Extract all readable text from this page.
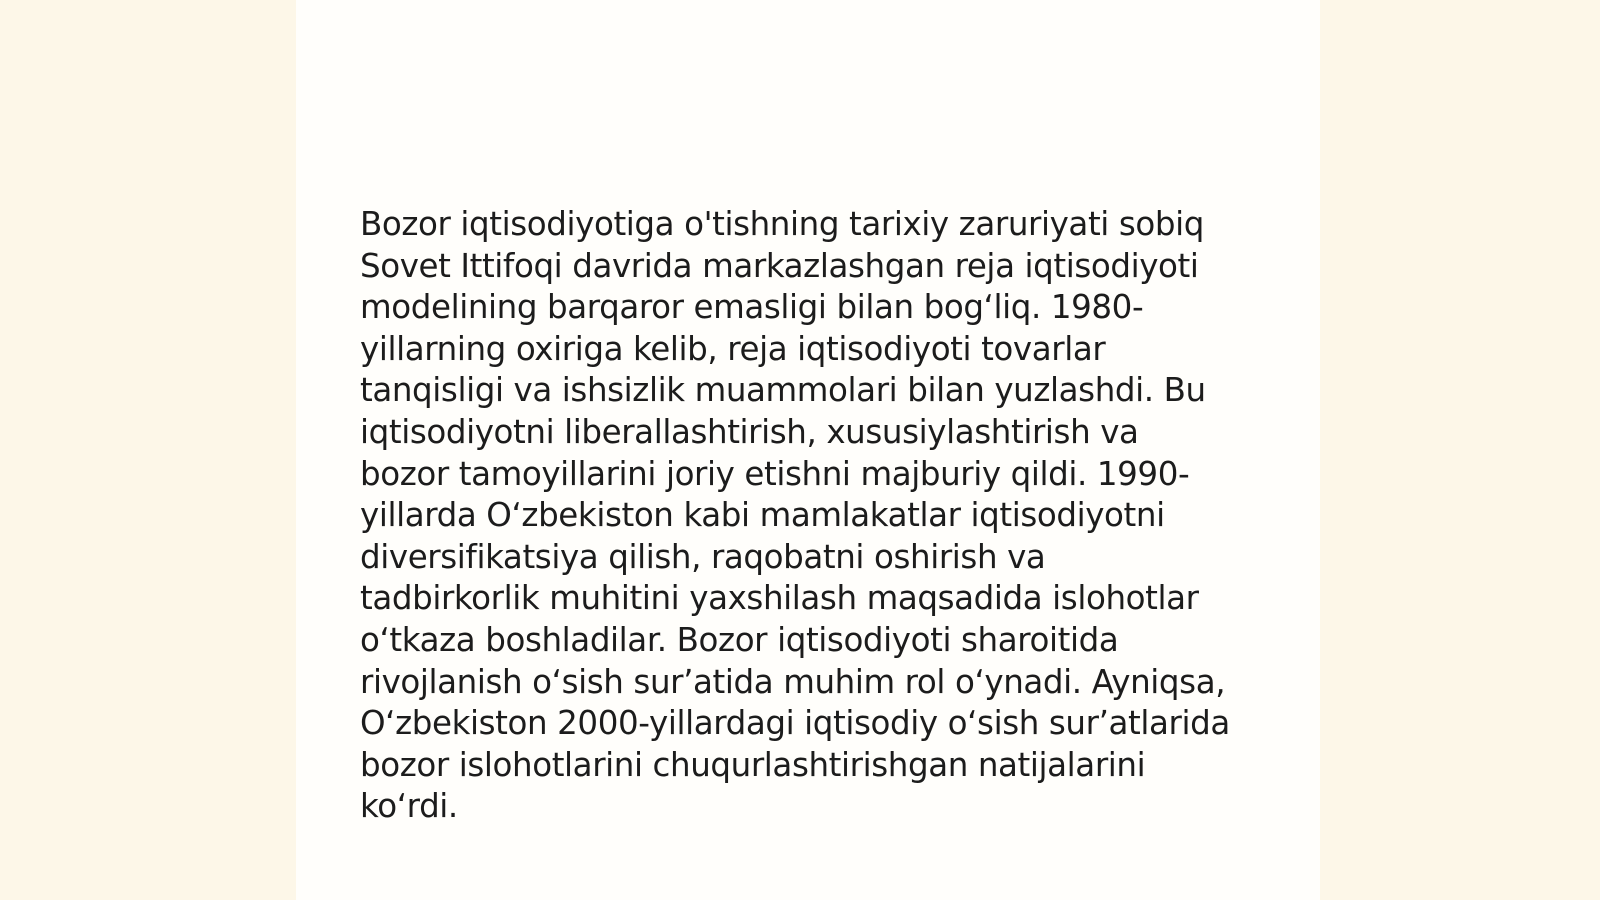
Bozor iqtisodiyotiga o'tishning tarixiy zaruriyati sobiq
Sovet Ittifoqi davrida markazlashgan reja iqtisodiyoti
modelining barqaror emasligi bilan bog‘liq. 1980-
yillarning oxiriga kelib, reja iqtisodiyoti tovarlar
tanqisligi va ishsizlik muammolari bilan yuzlashdi. Bu
iqtisodiyotni liberallashtirish, xususiylashtirish va
bozor tamoyillarini joriy etishni majburiy qildi. 1990-
yillarda O‘zbekiston kabi mamlakatlar iqtisodiyotni
diversifikatsiya qilish, raqobatni oshirish va
tadbirkorlik muhitini yaxshilash maqsadida islohotlar
o‘tkaza boshladilar. Bozor iqtisodiyoti sharoitida
rivojlanish o‘sish sur’atida muhim rol o‘ynadi. Ayniqsa,
O‘zbekiston 2000-yillardagi iqtisodiy o‘sish sur’atlarida
bozor islohotlarini chuqurlashtirishgan natijalarini
ko‘rdi.
